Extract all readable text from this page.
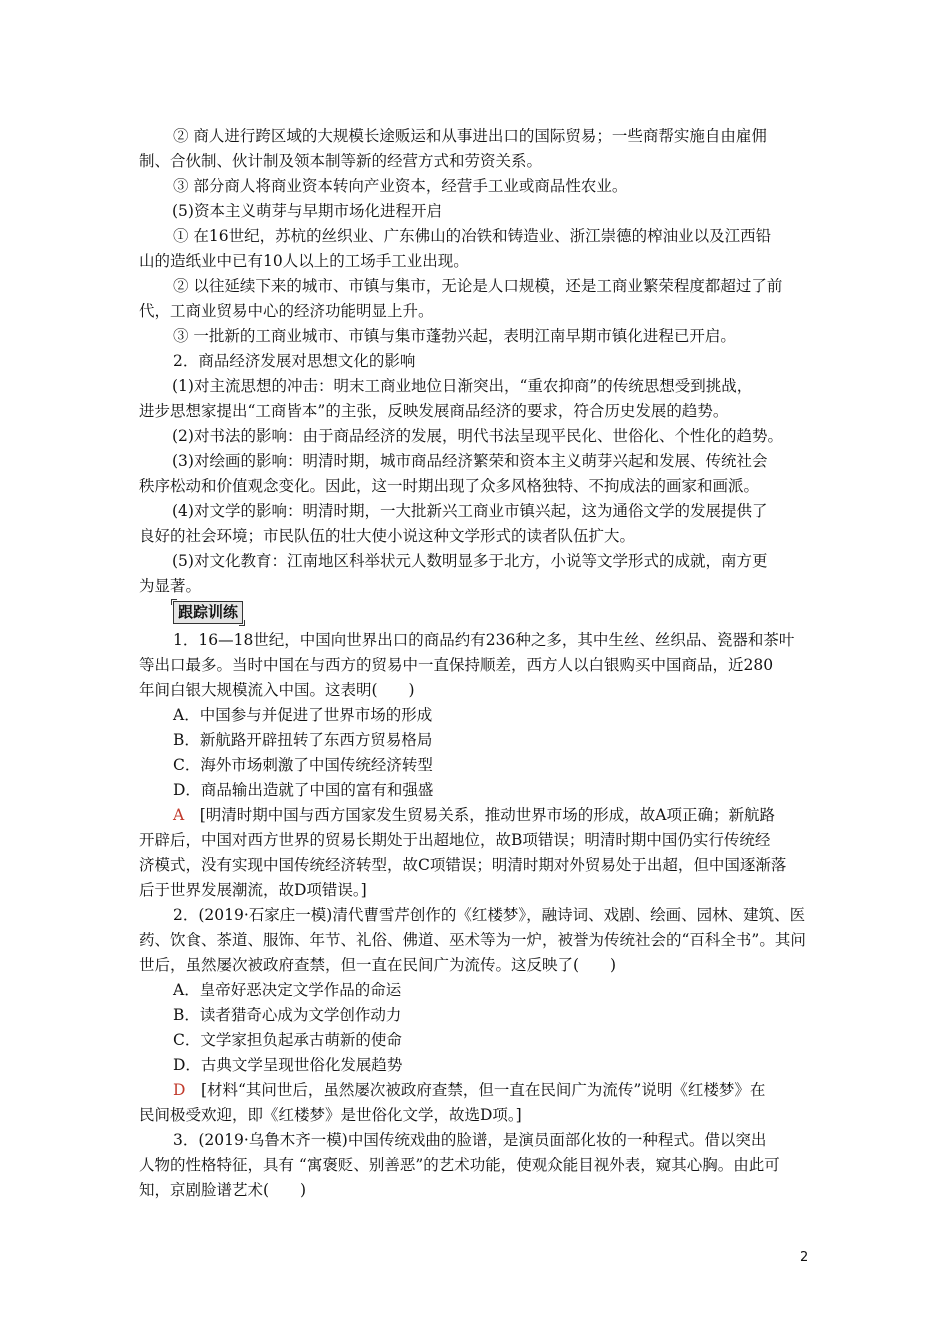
② 商人进行跨区域的大规模长途贩运和从事进出口的国际贸易；一些商帮实施自由雇佣
制、合伙制、伙计制及领本制等新的经营方式和劳资关系。
③ 部分商人将商业资本转向产业资本，经营手工业或商品性农业。
(5)资本主义萌芽与早期市场化进程开启
① 在16世纪，苏杭的丝织业、广东佛山的冶铁和铸造业、浙江崇德的榨油业以及江西铅
山的造纸业中已有10人以上的工场手工业出现。
② 以往延续下来的城市、市镇与集市，无论是人口规模，还是工商业繁荣程度都超过了前
代，工商业贸易中心的经济功能明显上升。
③ 一批新的工商业城市、市镇与集市蓬勃兴起，表明江南早期市镇化进程已开启。
2．商品经济发展对思想文化的影响
(1)对主流思想的冲击：明末工商业地位日渐突出，“重农抑商”的传统思想受到挑战，
进步思想家提出“工商皆本”的主张，反映发展商品经济的要求，符合历史发展的趋势。
(2)对书法的影响：由于商品经济的发展，明代书法呈现平民化、世俗化、个性化的趋势。
(3)对绘画的影响：明清时期，城市商品经济繁荣和资本主义萌芽兴起和发展、传统社会
秩序松动和价值观念变化。因此，这一时期出现了众多风格独特、不拘成法的画家和画派。
(4)对文学的影响：明清时期，一大批新兴工商业市镇兴起，这为通俗文学的发展提供了
良好的社会环境；市民队伍的壮大使小说这种文学形式的读者队伍扩大。
(5)对文化教育：江南地区科举状元人数明显多于北方，小说等文学形式的成就，南方更
为显著。
跟踪训练
1．16—18世纪，中国向世界出口的商品约有236种之多，其中生丝、丝织品、瓷器和茶叶
等出口最多。当时中国在与西方的贸易中一直保持顺差，西方人以白银购买中国商品，近280
年间白银大规模流入中国。这表明(　　)
A．中国参与并促进了世界市场的形成
B．新航路开辟扭转了东西方贸易格局
C．海外市场刺激了中国传统经济转型
D．商品输出造就了中国的富有和强盛
A　[明清时期中国与西方国家发生贸易关系，推动世界市场的形成，故A项正确；新航路
开辟后，中国对西方世界的贸易长期处于出超地位，故B项错误；明清时期中国仍实行传统经
济模式，没有实现中国传统经济转型，故C项错误；明清时期对外贸易处于出超，但中国逐渐落
后于世界发展潮流，故D项错误。]
2．(2019·石家庄一模)清代曹雪芹创作的《红楼梦》，融诗词、戏剧、绘画、园林、建筑、医
药、饮食、茶道、服饰、年节、礼俗、佛道、巫术等为一炉，被誉为传统社会的“百科全书”。其问
世后，虽然屡次被政府查禁，但一直在民间广为流传。这反映了(　　)
A．皇帝好恶决定文学作品的命运
B．读者猎奇心成为文学创作动力
C．文学家担负起承古萌新的使命
D．古典文学呈现世俗化发展趋势
D　[材料“其问世后，虽然屡次被政府查禁，但一直在民间广为流传”说明《红楼梦》在
民间极受欢迎，即《红楼梦》是世俗化文学，故选D项。]
3．(2019·乌鲁木齐一模)中国传统戏曲的脸谱，是演员面部化妆的一种程式。借以突出
人物的性格特征，具有 “寓褒贬、别善恶”的艺术功能，使观众能目视外表，窥其心胸。由此可
知，京剧脸谱艺术(　　)
2
